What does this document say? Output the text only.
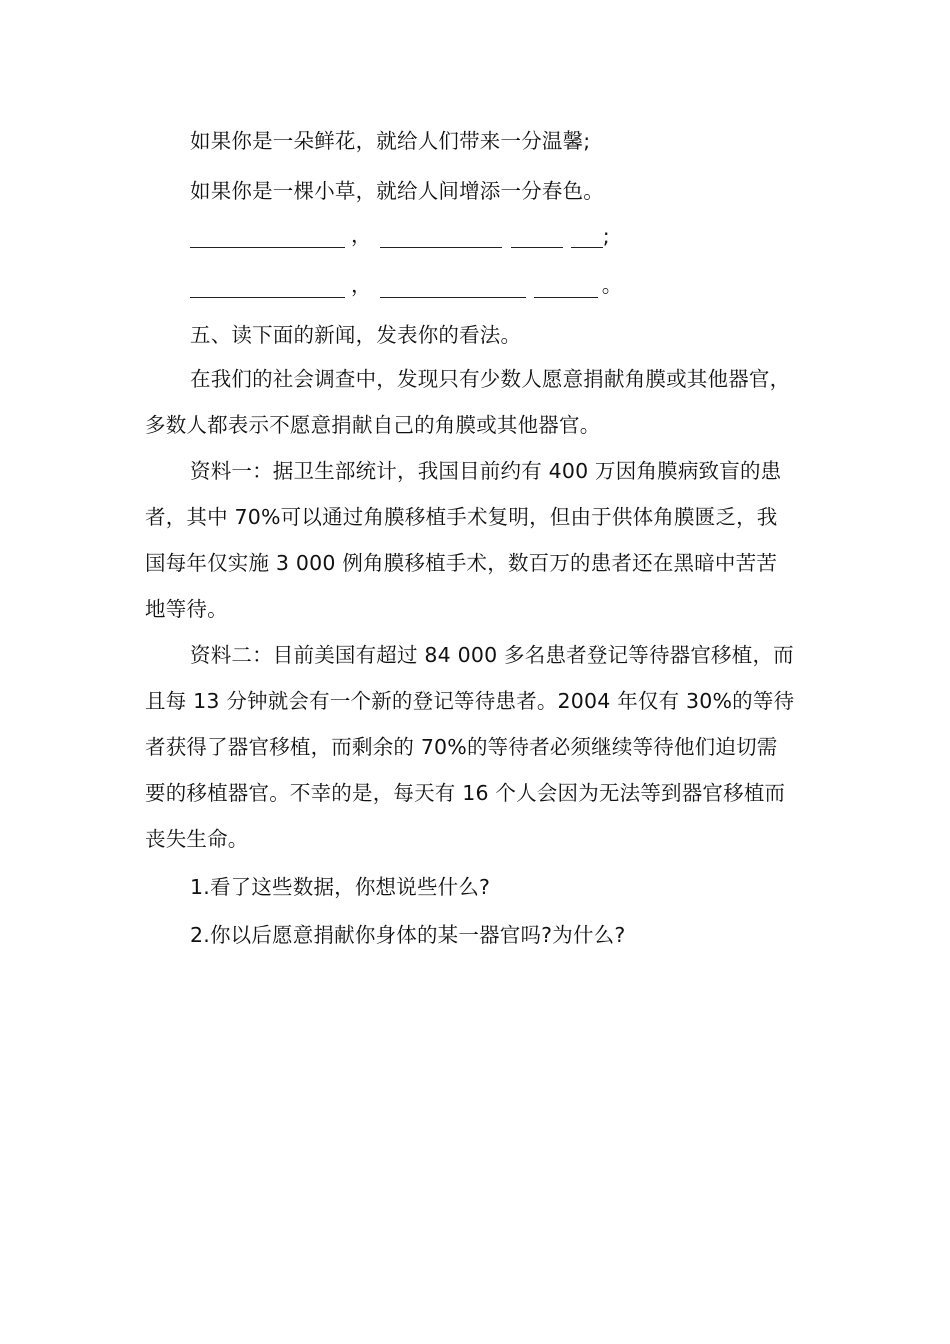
如果你是一朵鲜花，就给人们带来一分温馨;
如果你是一棵小草，就给人间增添一分春色。
，	;
，	。
五、读下面的新闻，发表你的看法。
在我们的社会调查中，发现只有少数人愿意捐献角膜或其他器官，
多数人都表示不愿意捐献自己的角膜或其他器官。
资料一：据卫生部统计，我国目前约有 400 万因角膜病致盲的患
者，其中 70%可以通过角膜移植手术复明，但由于供体角膜匮乏，我
国每年仅实施 3 000 例角膜移植手术，数百万的患者还在黑暗中苦苦
地等待。
资料二：目前美国有超过 84 000 多名患者登记等待器官移植，而
且每 13 分钟就会有一个新的登记等待患者。2004 年仅有 30%的等待
者获得了器官移植，而剩余的 70%的等待者必须继续等待他们迫切需
要的移植器官。不幸的是，每天有 16 个人会因为无法等到器官移植而
丧失生命。
1.看了这些数据，你想说些什么?
2.你以后愿意捐献你身体的某一器官吗?为什么?
